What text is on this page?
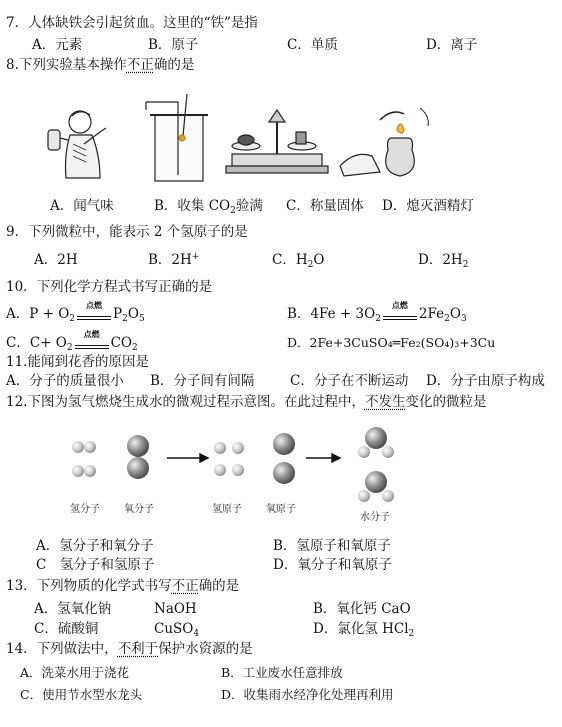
7．人体缺铁会引起贫血。这里的“铁”是指
A．元素	B．原子	C．单质	D．离子
8.下列实验基本操作不正确的是
A．闻气味	B．收集 $CO_2$验满 C．称量固体 D．熄灭酒精灯
9．下列微粒中，能表示 2 个氢原子的是
A．2H	B．2H+	C．$H_2O$	D．$2H_2$
10．下列化学方程式书写正确的是
A．$P + O_2$
点燃
$P_2O_5$	B．$4Fe + 3O_2$
点燃
$2Fe_2O_3$
C．$C+ O_2$
点燃
$CO_2$	D．2Fe+3CuSO₄═Fe₂(SO₄)₃+3Cu
11.能闻到花香的原因是
A．分子的质量很小 B．分子间有间隔	C．分子在不断运动 D．分子由原子构成
12.下图为氢气燃烧生成水的微观过程示意图。在此过程中，不发生变化的微粒是
氢分子 氧分子	氢原子 氧原子
水分子
A．氢分子和氧分子	B．氢原子和氧原子
C　氢分子和氢原子	D．氧分子和氧原子
13．下列物质的化学式书写不正确的是
A．氢氧化钠	NaOH	B．氧化钙 CaO
C．硫酸铜	CuSO$_4$	D．氯化氢 HCl$_2$
14．下列做法中，不利于保护水资源的是
A．洗菜水用于浇花	B．工业废水任意排放
C．使用节水型水龙头	D．收集雨水经净化处理再利用
